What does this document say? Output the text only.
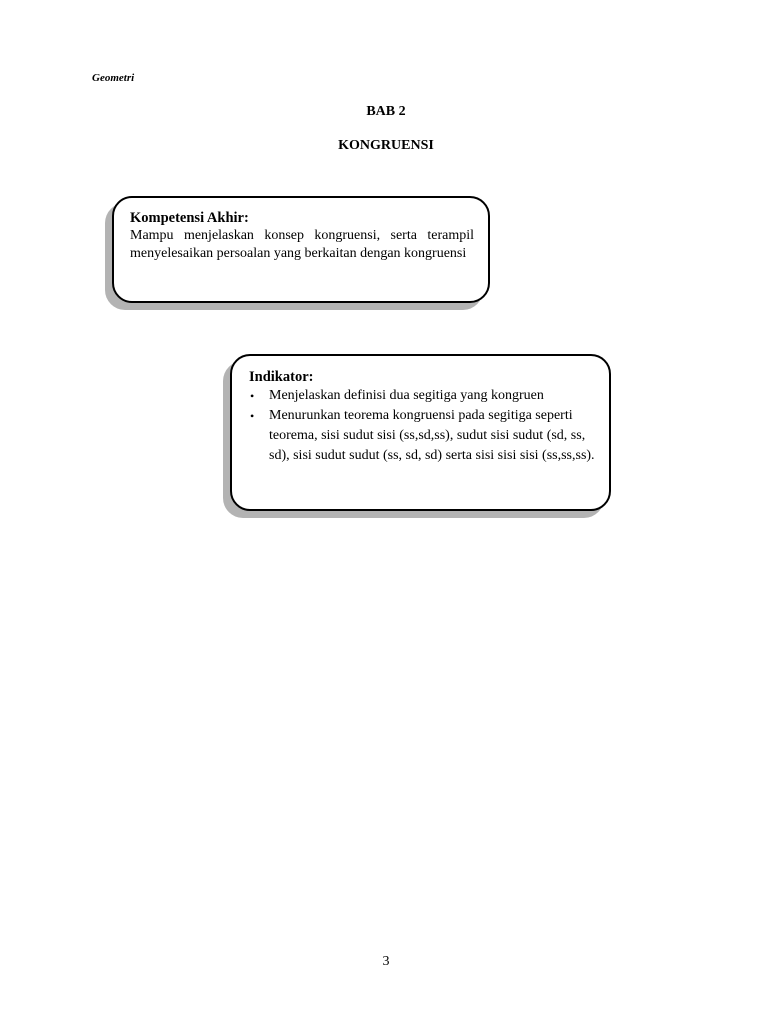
Geometri
BAB 2
KONGRUENSI
Kompetensi Akhir:
Mampu menjelaskan konsep kongruensi, serta terampil menyelesaikan persoalan yang berkaitan dengan kongruensi
Indikator:
• Menjelaskan definisi dua segitiga yang kongruen
• Menurunkan teorema kongruensi pada segitiga seperti teorema, sisi sudut sisi (ss,sd,ss), sudut sisi sudut (sd, ss, sd), sisi sudut sudut (ss, sd, sd) serta sisi sisi sisi (ss,ss,ss).
3
